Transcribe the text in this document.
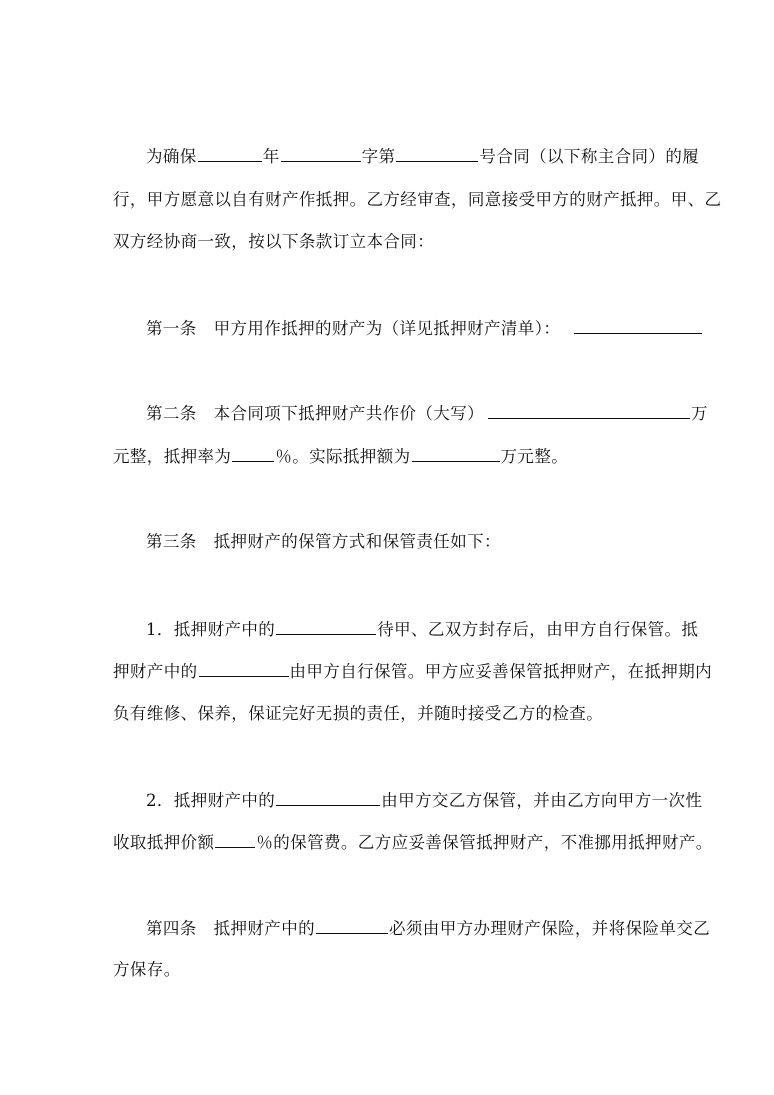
为确保	年	字第	号合同（以下称主合同）的履
行，甲方愿意以自有财产作抵押。乙方经审查，同意接受甲方的财产抵押。甲、乙
双方经协商一致，按以下条款订立本合同：
第一条　甲方用作抵押的财产为（详见抵押财产清单）：
第二条　本合同项下抵押财产共作价（大写）	万
元整，抵押率为	％。实际抵押额为	万元整。
第三条　抵押财产的保管方式和保管责任如下：
1．抵押财产中的	待甲、乙双方封存后，由甲方自行保管。抵
押财产中的	由甲方自行保管。甲方应妥善保管抵押财产，在抵押期内
负有维修、保养，保证完好无损的责任，并随时接受乙方的检查。
2．抵押财产中的	由甲方交乙方保管，并由乙方向甲方一次性
收取抵押价额	％的保管费。乙方应妥善保管抵押财产，不准挪用抵押财产。
第四条　抵押财产中的	必须由甲方办理财产保险，并将保险单交乙
方保存。
